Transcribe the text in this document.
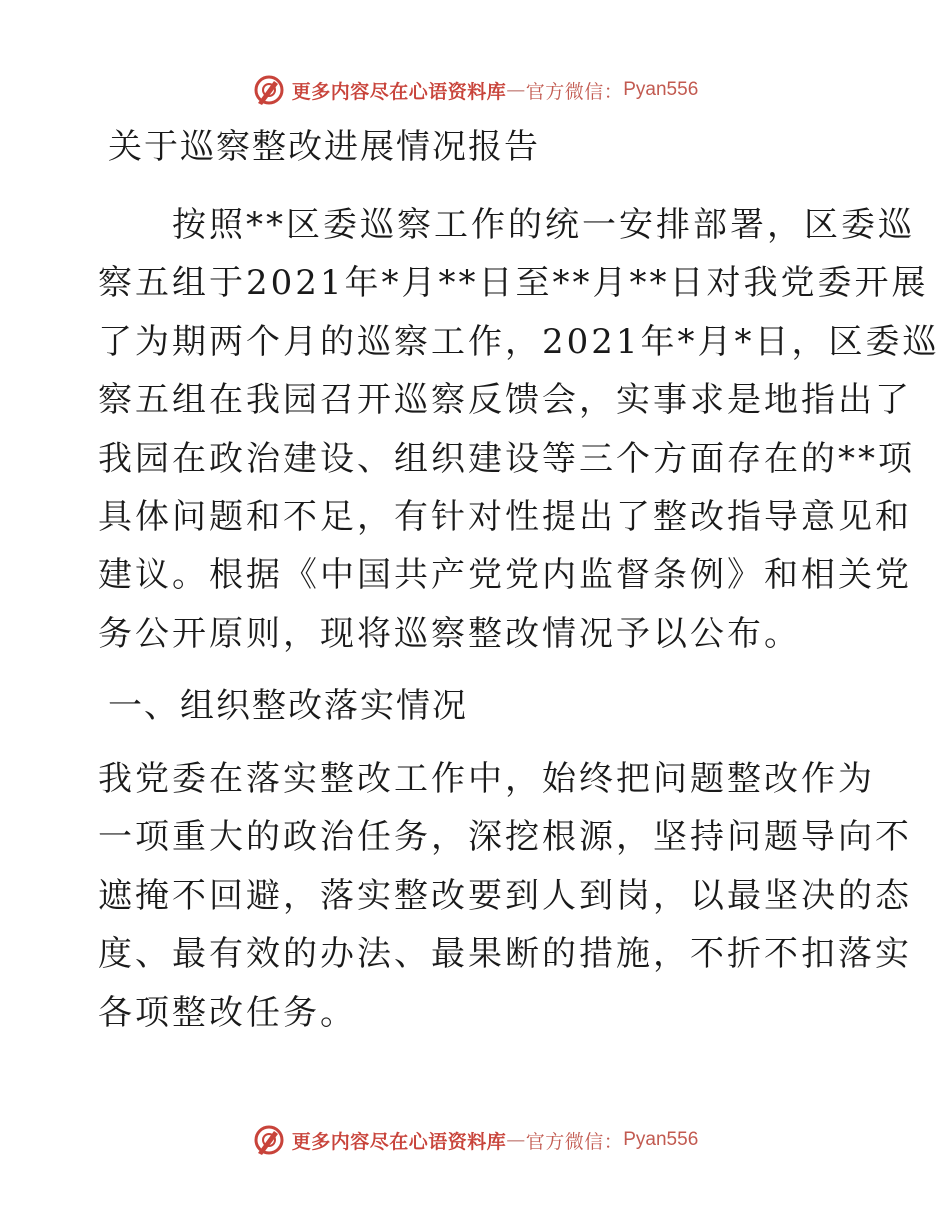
更多内容尽在心语资料库 — 官方微信： Pyan556
关于巡察整改进展情况报告

　　按照**区委巡察工作的统一安排部署，区委巡
察五组于2021年*月**日至**月**日对我党委开展
了为期两个月的巡察工作，2021年*月*日，区委巡
察五组在我园召开巡察反馈会，实事求是地指出了
我园在政治建设、组织建设等三个方面存在的**项
具体问题和不足，有针对性提出了整改指导意见和
建议。根据《中国共产党党内监督条例》和相关党
务公开原则，现将巡察整改情况予以公布。

一、组织整改落实情况

我党委在落实整改工作中，始终把问题整改作为
一项重大的政治任务，深挖根源，坚持问题导向不
遮掩不回避，落实整改要到人到岗，以最坚决的态
度、最有效的办法、最果断的措施，不折不扣落实
各项整改任务。

更多内容尽在心语资料库 — 官方微信： Pyan556
